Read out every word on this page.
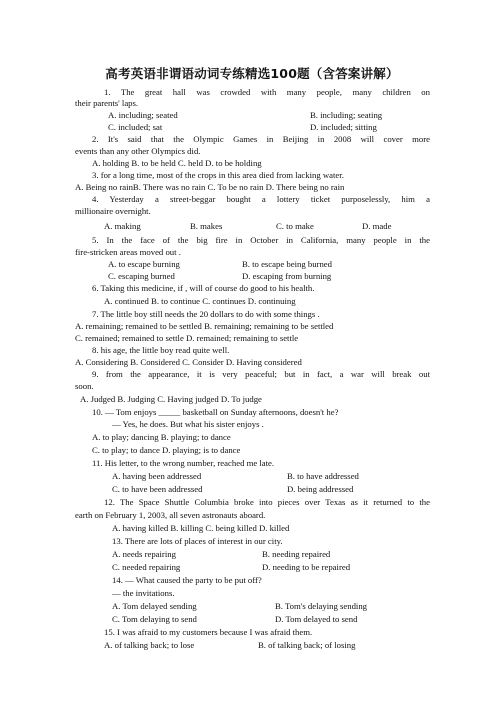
高考英语非谓语动词专练精选100题（含答案讲解）
1. The great hall was crowded with many people, many children on
their parents' laps.
A. including; seated	B. including; seating
C. included; sat	D. included; sitting
2. It's said that the Olympic Games in Beijing in 2008 will cover more
events than any other Olympics did.
A. holding B. to be held C. held D. to be holding
3. for a long time, most of the crops in this area died from lacking water.
A. Being no rainB. There was no rain C. To be no rain D. There being no rain
4. Yesterday a street-beggar bought a lottery ticket purposelessly, him a
millionaire overnight.
A. making	B. makes	C. to make	D. made
5. In the face of the big fire in October in California, many people in the
fire-stricken areas moved out .
A. to escape burning	B. to escape being burned
C. escaping burned	D. escaping from burning
6. Taking this medicine, if , will of course do good to his health.
A. continued B. to continue C. continues D. continuing
7. The little boy still needs the 20 dollars to do with some things .
A. remaining; remained to be settled B. remaining; remaining to be settled
C. remained; remained to settle D. remained; remaining to settle
8. his age, the little boy read quite well.
A. Considering B. Considered C. Consider D. Having considered
9. from the appearance, it is very peaceful; but in fact, a war will break out
soon.
A. Judged B. Judging C. Having judged D. To judge
10. — Tom enjoys _____ basketball on Sunday afternoons, doesn't he?
— Yes, he does. But what his sister enjoys .
A. to play; dancing B. playing; to dance
C. to play; to dance D. playing; is to dance
11. His letter, to the wrong number, reached me late.
A. having been addressed	B. to have addressed
C. to have been addressed	D. being addressed
12. The Space Shuttle Columbia broke into pieces over Texas as it returned to the
earth on February 1, 2003, all seven astronauts aboard.
A. having killed B. killing C. being killed D. killed
13. There are lots of places of interest in our city.
A. needs repairing	B. needing repaired
C. needed repairing	D. needing to be repaired
14. — What caused the party to be put off?
— the invitations.
A. Tom delayed sending	B. Tom's delaying sending
C. Tom delaying to send	D. Tom delayed to send
15. I was afraid to my customers because I was afraid them.
A. of talking back; to lose	B. of talking back; of losing
